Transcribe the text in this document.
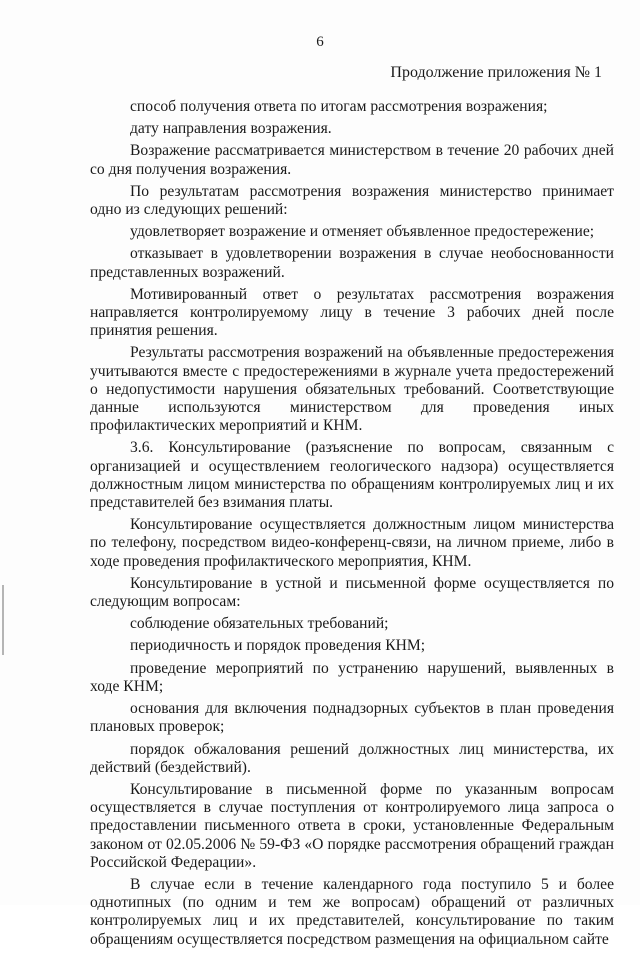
6
Продолжение приложения № 1

способ получения ответа по итогам рассмотрения возражения;

дату направления возражения.

Возражение рассматривается министерством в течение 20 рабочих дней со дня получения возражения.

По результатам рассмотрения возражения министерство принимает одно из следующих решений:

удовлетворяет возражение и отменяет объявленное предостережение;

отказывает в удовлетворении возражения в случае необоснованности представленных возражений.

Мотивированный ответ о результатах рассмотрения возражения направляется контролируемому лицу в течение 3 рабочих дней после принятия решения.

Результаты рассмотрения возражений на объявленные предостережения учитываются вместе с предостережениями в журнале учета предостережений о недопустимости нарушения обязательных требований. Соответствующие данные используются министерством для проведения иных профилактических мероприятий и КНМ.

3.6. Консультирование (разъяснение по вопросам, связанным с организацией и осуществлением геологического надзора) осуществляется должностным лицом министерства по обращениям контролируемых лиц и их представителей без взимания платы.

Консультирование осуществляется должностным лицом министерства по телефону, посредством видео-конференц-связи, на личном приеме, либо в ходе проведения профилактического мероприятия, КНМ.

Консультирование в устной и письменной форме осуществляется по следующим вопросам:

соблюдение обязательных требований;

периодичность и порядок проведения КНМ;

проведение мероприятий по устранению нарушений, выявленных в ходе КНМ;

основания для включения поднадзорных субъектов в план проведения плановых проверок;

порядок обжалования решений должностных лиц министерства, их действий (бездействий).

Консультирование в письменной форме по указанным вопросам осуществляется в случае поступления от контролируемого лица запроса о предоставлении письменного ответа в сроки, установленные Федеральным законом от 02.05.2006 № 59-ФЗ «О порядке рассмотрения обращений граждан Российской Федерации».

В случае если в течение календарного года поступило 5 и более однотипных (по одним и тем же вопросам) обращений от различных контролируемых лиц и их представителей, консультирование по таким обращениям осуществляется посредством размещения на официальном сайте
